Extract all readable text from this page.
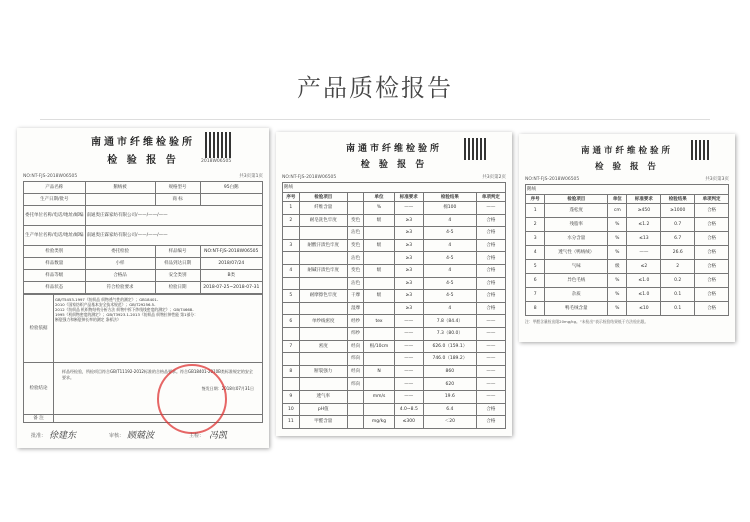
产品质检报告
南通市纤维检验所
检 验 报 告	2018W06505
NO:NT-FJS-2018W06505	共3页第1页
产品名称	鹅绒被	规格型号	95白鹅
生产日期/批号		商 标	
委托单位名称/电话/地址/邮编	南通奥庄霖家纺有限公司/——/——/——		
生产单位名称/电话/地址/邮编	南通奥庄霖家纺有限公司/——/——/——		
检验类别	委托检验	样品编号	NO:NT-FJS-2018W06505
样品数量	小样	样品到达日期	2018/07/24
样品等级	合格品	安全类别	B类
样品状态	符合检验要求	检验日期	2018-07-25~2018-07-31
检验依据	GB/T5453-1997《纺织品 织物透气性的测定》；GB18401-
2010《国家纺织产品基本安全技术规范》；GB/T29256.5-
2012《纺织品 机织物结构分析方法 织物中拆下纱线线密度的测定》；GB/T4668-
1995《机织物密度的测定》；GB/T3923.1-2013《纺织品 织物拉伸性能 第1部分：
断裂强力和断裂伸长率的测定 条样法》

检验结论	样品经检验，所检项目符合GB/T11192-2012标准的合格品要求。符合GB18401-2010B类标准规定的安全要求。

签发日期：2018年07月31日

备 注	
批准： 徐建东	审核： 顾兢波	主检： 冯凯
南通市纤维检验所
检 验 报 告
NO:NT-FJS-2018W06505	共3页第2页
鹅绒						
序号	检验项目		单位	标准要求	检验结果	单项判定
1	纤维含量		%	——	棉100	——
2	耐皂洗色牢度	变色	级	≥3	4	合格
		沾色		≥3	4-5	合格
3	耐酸汗渍色牢度	变色	级	≥3	4	合格
		沾色		≥3	4-5	合格
4	耐碱汗渍色牢度	变色	级	≥3	4	合格
		沾色		≥3	4-5	合格
5	耐摩擦色牢度	干摩	级	≥3	4-5	合格
		湿摩		≥3	4	合格
6	单纱线密度	经纱	tex	——	7.8（84.4）	——
		纬纱		——	7.3（80.0）	——
7	密度	经向	根/10cm	——	626.0（159.1）	——
		纬向		——	746.0（189.2）	——
8	断裂强力	经向	N	——	860	——
		纬向		——	620	——
9	透气率		mm/s	——	19.6	——
10	pH值			4.0~8.5	6.4	合格
11	甲醛含量		mg/kg	≤300	＜20	合格
南通市纤维检验所
检 验 报 告
NO:NT-FJS-2018W06505	共3页第3页
鹅绒					
序号	检验项目	单位	标准要求	检验结果	单项判定
1	蓬松度	cm	≥450	≥1000	合格
2	残脂率	%	≤1.2	0.7	合格
3	水分含量	%	≤13	6.7	合格
4	透气性（鸭绒绒）	%	——	26.6	合格
5	气味	级	≤2	2	合格
6	异色毛绒	%	≤1.0	0.2	合格
7	杂质	%	≤1.0	0.1	合格
8	鸭毛绒含量	%	≤10	0.1	合格
注：甲醛含量检出限20mg/kg。“未检出”表示检验结果低于方法检出限。
